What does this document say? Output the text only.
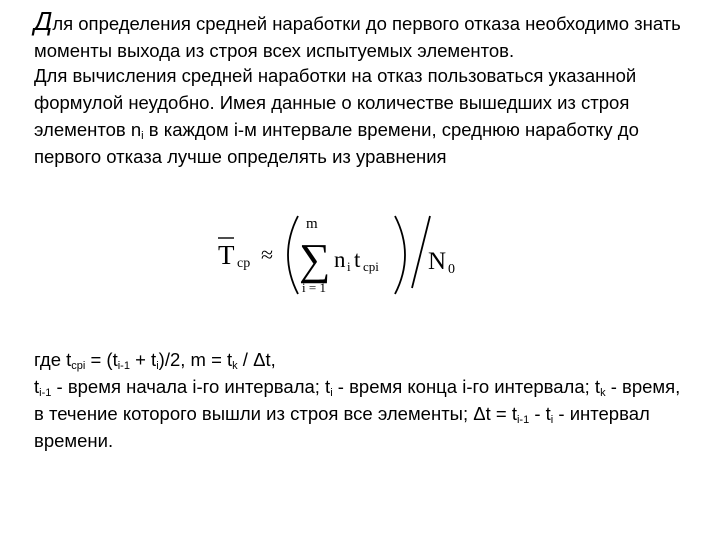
Для определения средней наработки до первого отказа необходимо знать моменты выхода из строя всех испытуемых элементов.

Для вычисления средней наработки на отказ пользоваться указанной формулой неудобно. Имея данные о количестве вышедших из строя элементов $n_i$ в каждом i-м интервале времени, среднюю наработку до первого отказа лучше определять из уравнения

T ср ≈
m
∑
i = 1
n i t срi N 0

где $t_{срi} = (t_{i-1} + t_i)/2$, $m = t_k / \Delta t$,
$t_{i-1}$ - время начала i-го интервала; $t_i$ - время конца i-го интервала; $t_k$ - время, в течение которого вышли из строя все элементы; $\Delta t = t_{i-1} - t_i$ - интервал времени.
